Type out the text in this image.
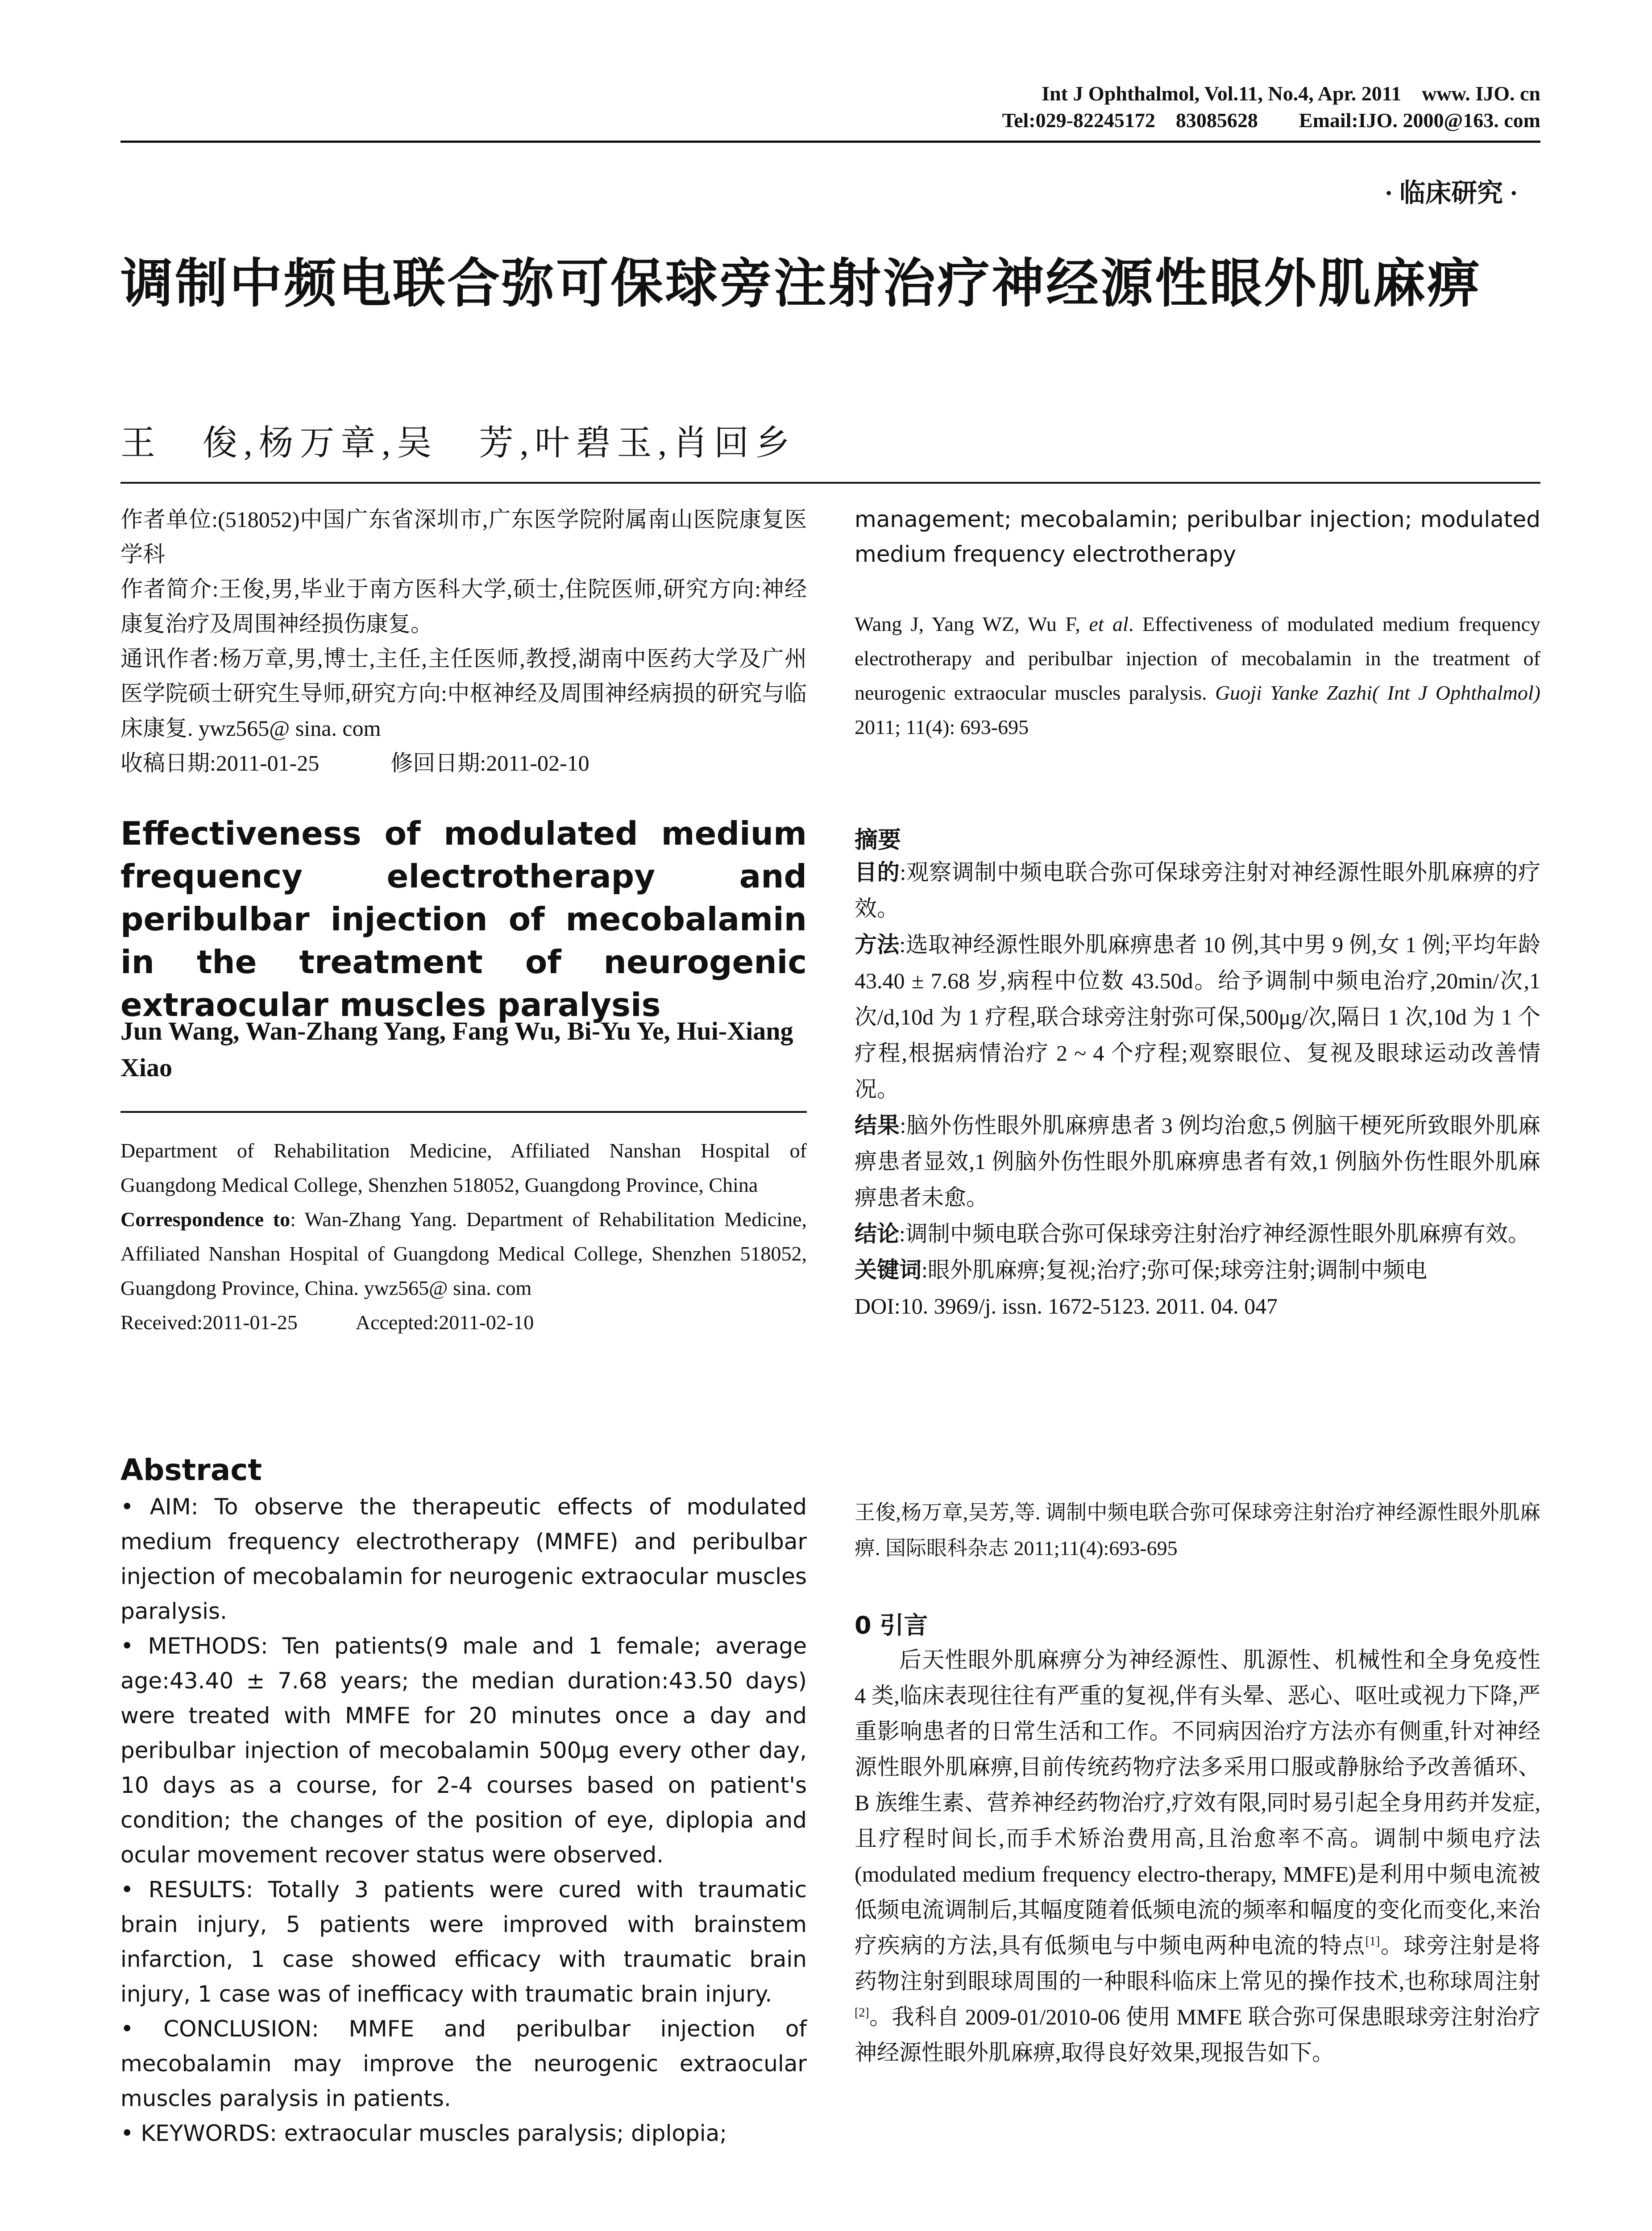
Int J Ophthalmol, Vol.11, No.4, Apr. 2011    www. IJO. cn
Tel:029-82245172    83085628        Email:IJO. 2000@163. com
· 临床研究 ·
调制中频电联合弥可保球旁注射治疗神经源性眼外肌麻痹
王　俊,杨万章,吴　芳,叶碧玉,肖回乡

作者单位:(518052)中国广东省深圳市,广东医学院附属南山医院康复医学科

作者简介:王俊,男,毕业于南方医科大学,硕士,住院医师,研究方向:神经康复治疗及周围神经损伤康复。

通讯作者:杨万章,男,博士,主任,主任医师,教授,湖南中医药大学及广州医学院硕士研究生导师,研究方向:中枢神经及周围神经病损的研究与临床康复. ywz565@ sina. com

收稿日期:2011-01-25	修回日期:2011-02-10

Effectiveness of modulated medium frequency electrotherapy and peribulbar injection of mecobalamin in the treatment of neurogenic extraocular muscles paralysis
Jun Wang, Wan-Zhang Yang, Fang Wu, Bi-Yu Ye, Hui-Xiang Xiao

Department of Rehabilitation Medicine, Affiliated Nanshan Hospital of Guangdong Medical College, Shenzhen 518052, Guangdong Province, China

Correspondence to: Wan-Zhang Yang. Department of Rehabilitation Medicine, Affiliated Nanshan Hospital of Guangdong Medical College, Shenzhen 518052, Guangdong Province, China. ywz565@ sina. com

Received:2011-01-25	Accepted:2011-02-10

Abstract

• AIM: To observe the therapeutic effects of modulated medium frequency electrotherapy (MMFE) and peribulbar injection of mecobalamin for neurogenic extraocular muscles paralysis.

• METHODS: Ten patients(9 male and 1 female; average age:43.40 ± 7.68 years; the median duration:43.50 days) were treated with MMFE for 20 minutes once a day and peribulbar injection of mecobalamin 500μg every other day, 10 days as a course, for 2-4 courses based on patient's condition; the changes of the position of eye, diplopia and ocular movement recover status were observed.

• RESULTS: Totally 3 patients were cured with traumatic brain injury, 5 patients were improved with brainstem infarction, 1 case showed efficacy with traumatic brain injury, 1 case was of inefficacy with traumatic brain injury.

• CONCLUSION: MMFE and peribulbar injection of mecobalamin may improve the neurogenic extraocular muscles paralysis in patients.

• KEYWORDS: extraocular muscles paralysis; diplopia;

management; mecobalamin; peribulbar injection; modulated medium frequency electrotherapy
Wang J, Yang WZ, Wu F, et al. Effectiveness of modulated medium frequency electrotherapy and peribulbar injection of mecobalamin in the treatment of neurogenic extraocular muscles paralysis. Guoji Yanke Zazhi( Int J Ophthalmol) 2011; 11(4): 693-695
摘要

目的:观察调制中频电联合弥可保球旁注射对神经源性眼外肌麻痹的疗效。

方法:选取神经源性眼外肌麻痹患者 10 例,其中男 9 例,女 1 例;平均年龄 43.40 ± 7.68 岁,病程中位数 43.50d。给予调制中频电治疗,20min/次,1 次/d,10d 为 1 疗程,联合球旁注射弥可保,500μg/次,隔日 1 次,10d 为 1 个疗程,根据病情治疗 2 ~ 4 个疗程;观察眼位、复视及眼球运动改善情况。

结果:脑外伤性眼外肌麻痹患者 3 例均治愈,5 例脑干梗死所致眼外肌麻痹患者显效,1 例脑外伤性眼外肌麻痹患者有效,1 例脑外伤性眼外肌麻痹患者未愈。

结论:调制中频电联合弥可保球旁注射治疗神经源性眼外肌麻痹有效。

关键词:眼外肌麻痹;复视;治疗;弥可保;球旁注射;调制中频电

DOI:10. 3969/j. issn. 1672-5123. 2011. 04. 047

王俊,杨万章,吴芳,等. 调制中频电联合弥可保球旁注射治疗神经源性眼外肌麻痹. 国际眼科杂志 2011;11(4):693-695
0 引言
后天性眼外肌麻痹分为神经源性、肌源性、机械性和全身免疫性 4 类,临床表现往往有严重的复视,伴有头晕、恶心、呕吐或视力下降,严重影响患者的日常生活和工作。不同病因治疗方法亦有侧重,针对神经源性眼外肌麻痹,目前传统药物疗法多采用口服或静脉给予改善循环、B 族维生素、营养神经药物治疗,疗效有限,同时易引起全身用药并发症,且疗程时间长,而手术矫治费用高,且治愈率不高。调制中频电疗法(modulated medium frequency electro-therapy, MMFE)是利用中频电流被低频电流调制后,其幅度随着低频电流的频率和幅度的变化而变化,来治疗疾病的方法,具有低频电与中频电两种电流的特点[1]。球旁注射是将药物注射到眼球周围的一种眼科临床上常见的操作技术,也称球周注射[2]。我科自 2009-01/2010-06 使用 MMFE 联合弥可保患眼球旁注射治疗神经源性眼外肌麻痹,取得良好效果,现报告如下。
